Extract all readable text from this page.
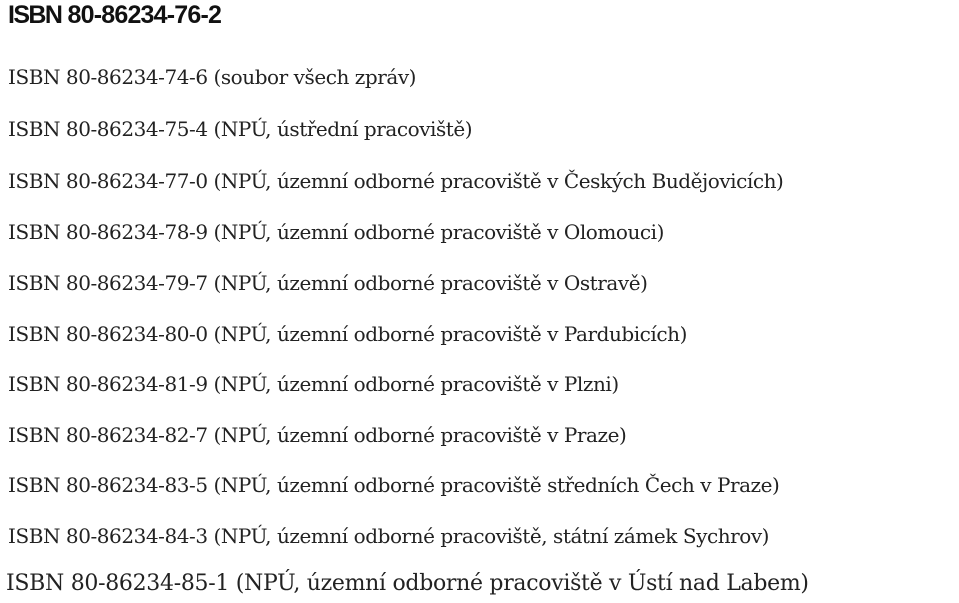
ISBN 80-86234-76-2
ISBN 80-86234-74-6 (soubor všech zpráv)
ISBN 80-86234-75-4 (NPÚ, ústřední pracoviště)
ISBN 80-86234-77-0 (NPÚ, územní odborné pracoviště v Českých Budějovicích)
ISBN 80-86234-78-9 (NPÚ, územní odborné pracoviště v Olomouci)
ISBN 80-86234-79-7 (NPÚ, územní odborné pracoviště v Ostravě)
ISBN 80-86234-80-0 (NPÚ, územní odborné pracoviště v Pardubicích)
ISBN 80-86234-81-9 (NPÚ, územní odborné pracoviště v Plzni)
ISBN 80-86234-82-7 (NPÚ, územní odborné pracoviště v Praze)
ISBN 80-86234-83-5 (NPÚ, územní odborné pracoviště středních Čech v Praze)
ISBN 80-86234-84-3 (NPÚ, územní odborné pracoviště, státní zámek Sychrov)
ISBN 80-86234-85-1 (NPÚ, územní odborné pracoviště v Ústí nad Labem)
